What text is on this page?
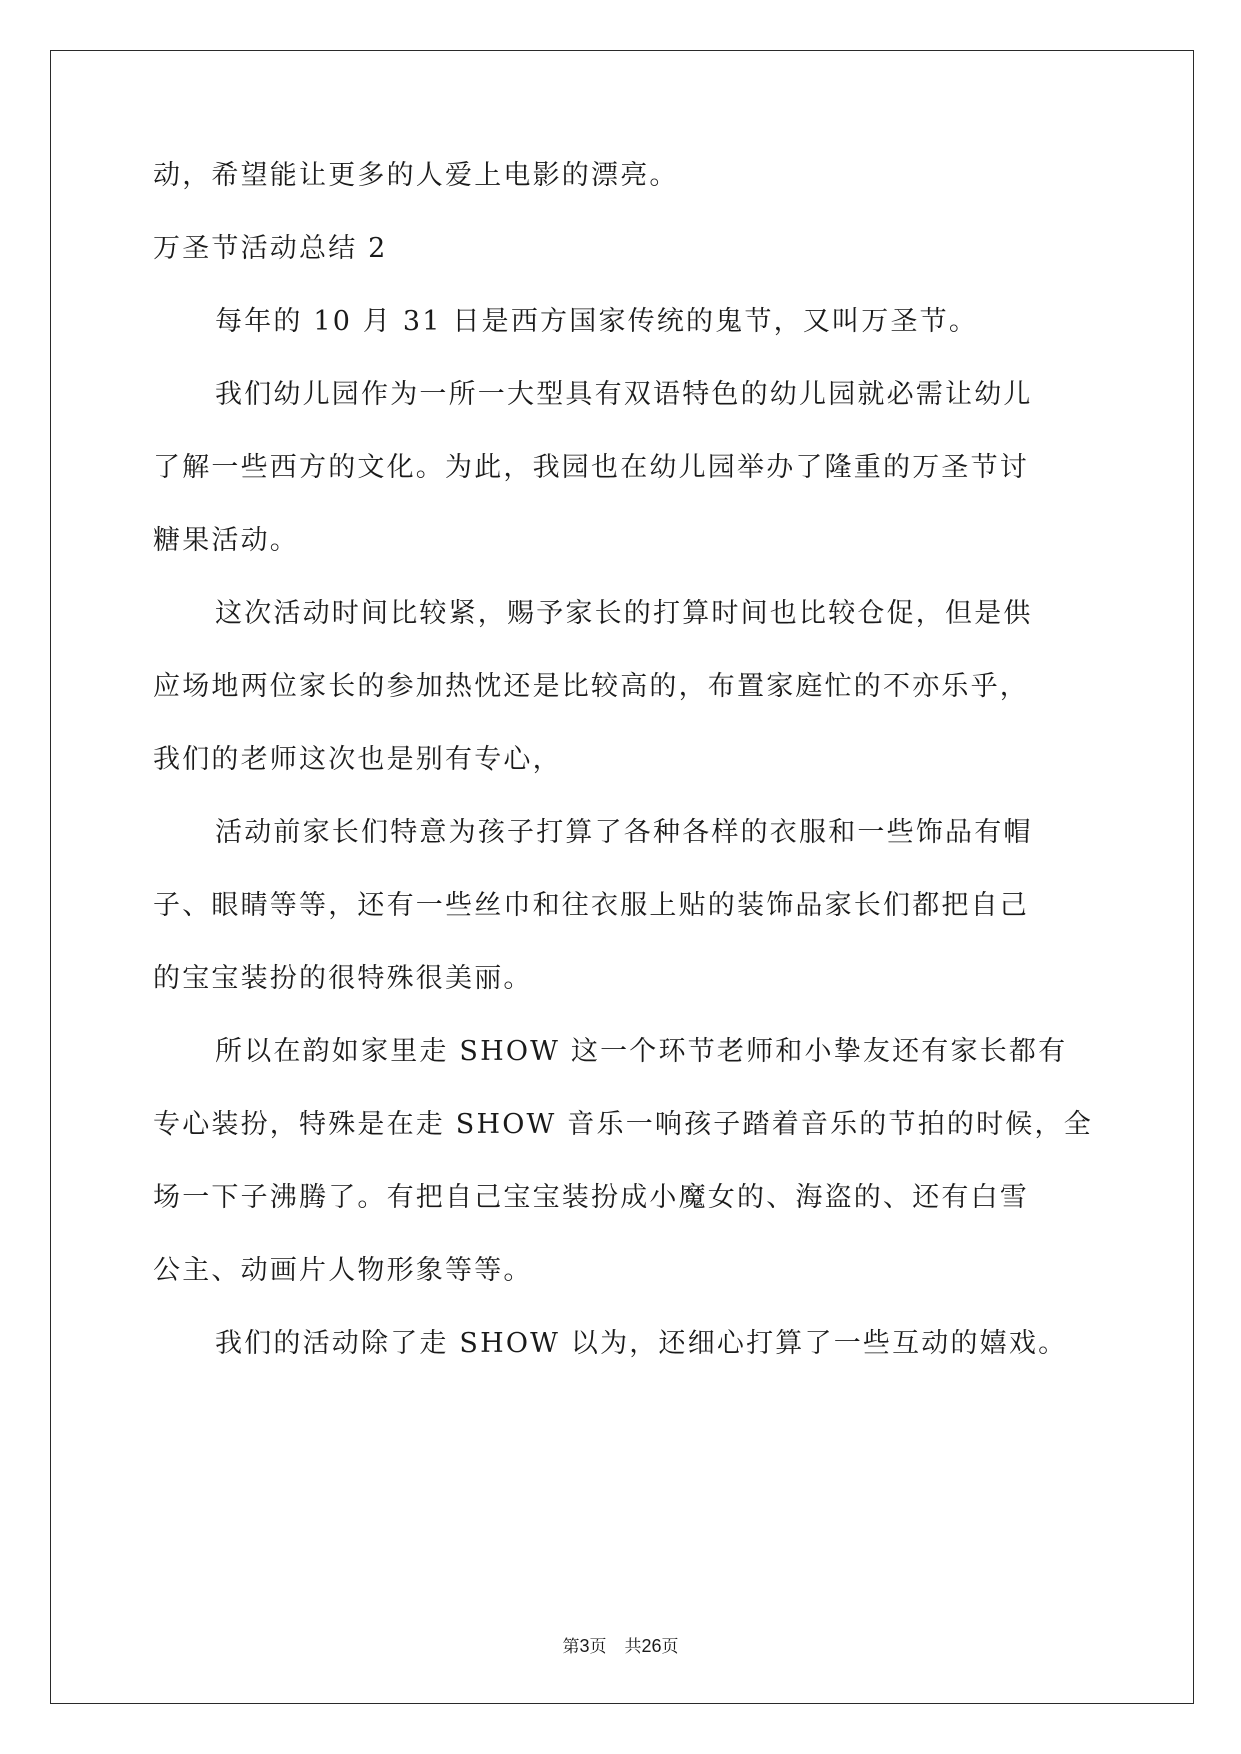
动，希望能让更多的人爱上电影的漂亮。
万圣节活动总结 2
每年的 10 月 31 日是西方国家传统的鬼节，又叫万圣节。
我们幼儿园作为一所一大型具有双语特色的幼儿园就必需让幼儿
了解一些西方的文化。为此，我园也在幼儿园举办了隆重的万圣节讨
糖果活动。
这次活动时间比较紧，赐予家长的打算时间也比较仓促，但是供
应场地两位家长的参加热忱还是比较高的，布置家庭忙的不亦乐乎，
我们的老师这次也是别有专心，
活动前家长们特意为孩子打算了各种各样的衣服和一些饰品有帽
子、眼睛等等，还有一些丝巾和往衣服上贴的装饰品家长们都把自己
的宝宝装扮的很特殊很美丽。
所以在韵如家里走 SHOW 这一个环节老师和小挚友还有家长都有
专心装扮，特殊是在走 SHOW 音乐一响孩子踏着音乐的节拍的时候，全
场一下子沸腾了。有把自己宝宝装扮成小魔女的、海盗的、还有白雪
公主、动画片人物形象等等。
我们的活动除了走 SHOW 以为，还细心打算了一些互动的嬉戏。
第3页 共26页
